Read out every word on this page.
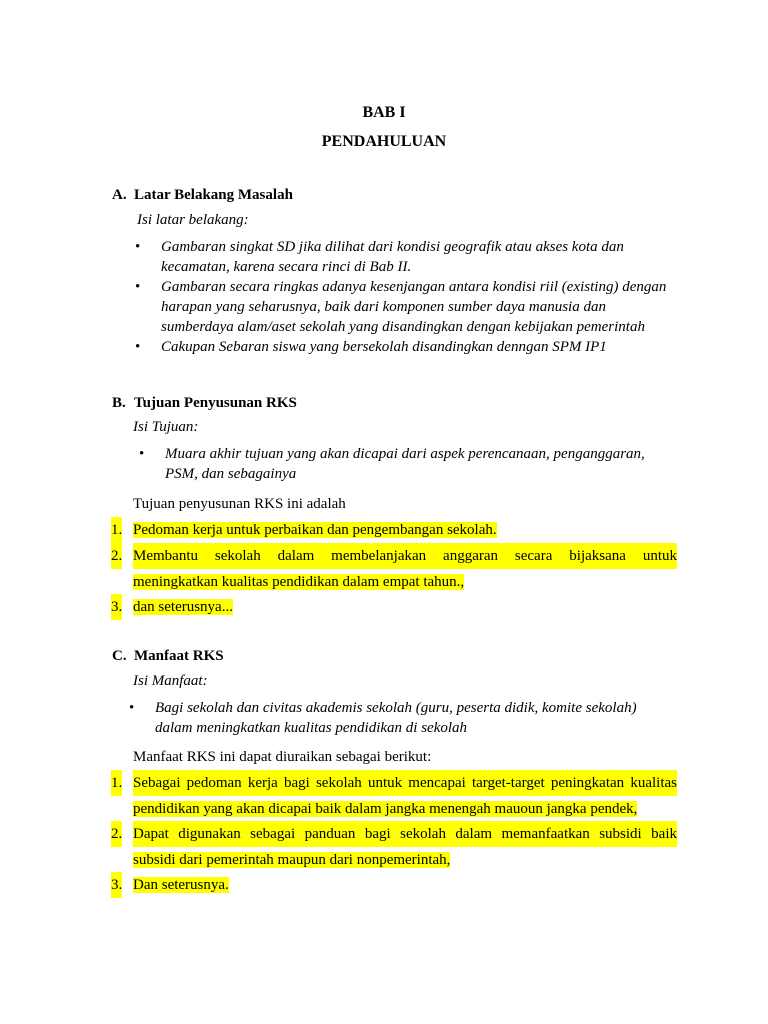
BAB I
PENDAHULUAN
A. Latar Belakang Masalah
Isi latar belakang:
• Gambaran singkat SD jika dilihat dari kondisi geografik atau akses kota dan kecamatan, karena secara rinci di Bab II.
• Gambaran secara ringkas adanya kesenjangan antara kondisi riil (existing) dengan harapan yang seharusnya, baik dari komponen sumber daya manusia dan sumberdaya alam/aset sekolah yang disandingkan dengan kebijakan pemerintah
• Cakupan Sebaran siswa yang bersekolah disandingkan denngan SPM IP1
B. Tujuan Penyusunan RKS
Isi Tujuan:
• Muara akhir tujuan yang akan dicapai dari aspek perencanaan, penganggaran, PSM, dan sebagainya
Tujuan penyusunan RKS ini adalah
1. Pedoman kerja untuk perbaikan dan pengembangan sekolah.
2. Membantu sekolah dalam membelanjakan anggaran secara bijaksana untuk
meningkatkan kualitas pendidikan dalam empat tahun.,
3. dan seterusnya...
C. Manfaat RKS
Isi Manfaat:
• Bagi sekolah dan civitas akademis sekolah (guru, peserta didik, komite sekolah) dalam meningkatkan kualitas pendidikan di sekolah
Manfaat RKS ini dapat diuraikan sebagai berikut:
1. Sebagai pedoman kerja bagi sekolah untuk mencapai target-target peningkatan kualitas
pendidikan yang akan dicapai baik dalam jangka menengah mauoun jangka pendek,
2. Dapat digunakan sebagai panduan bagi sekolah dalam memanfaatkan subsidi baik
subsidi dari pemerintah maupun dari nonpemerintah,
3. Dan seterusnya.
